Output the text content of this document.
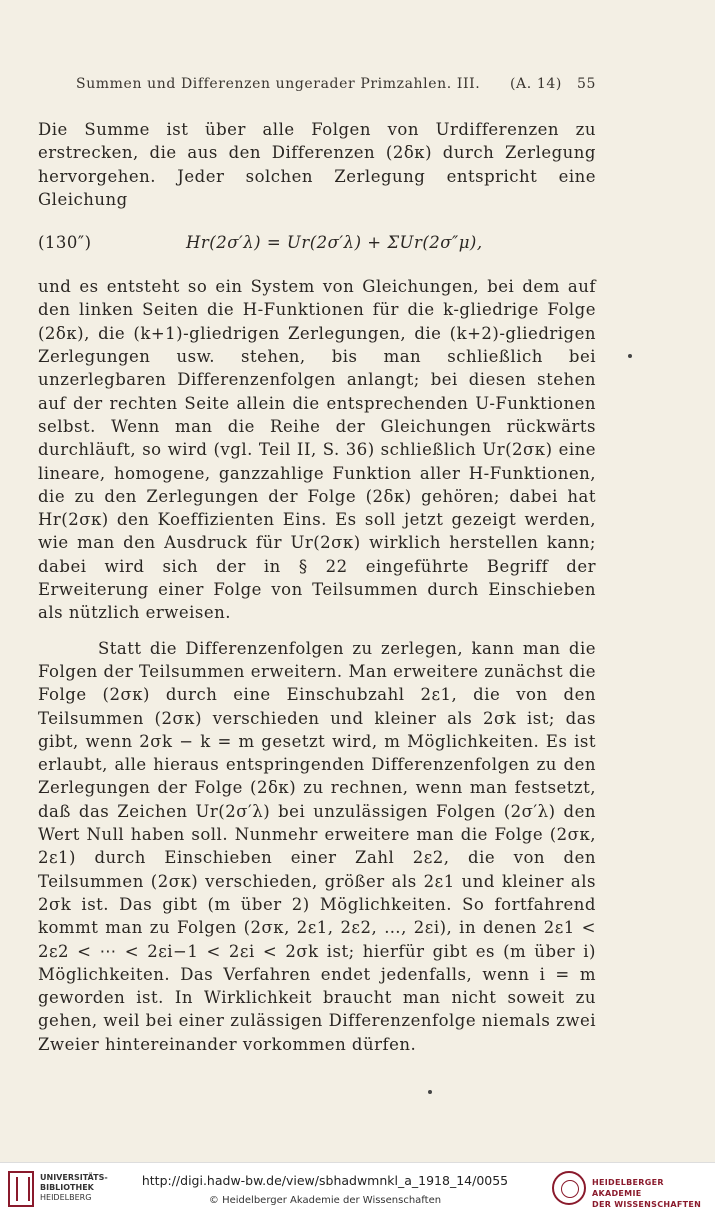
Summen und Differenzen ungerader Primzahlen. III.	(A. 14) 55

Die Summe ist über alle Folgen von Urdifferenzen zu erstrecken, die aus den Differenzen (2δκ) durch Zerlegung hervorgehen. Jeder solchen Zerlegung entspricht eine Gleichung

(130″)	Hr(2σ′λ) = Ur(2σ′λ) + ΣUr(2σ″μ),

und es entsteht so ein System von Gleichungen, bei dem auf den linken Seiten die H-Funktionen für die k-gliedrige Folge (2δκ), die (k+1)-gliedrigen Zerlegungen, die (k+2)-gliedrigen Zerlegungen usw. stehen, bis man schließlich bei unzerlegbaren Differenzenfolgen anlangt; bei diesen stehen auf der rechten Seite allein die entsprechenden U-Funktionen selbst. Wenn man die Reihe der Gleichungen rückwärts durchläuft, so wird (vgl. Teil II, S. 36) schließlich Ur(2σκ) eine lineare, homogene, ganzzahlige Funktion aller H-Funktionen, die zu den Zerlegungen der Folge (2δκ) gehören; dabei hat Hr(2σκ) den Koeffizienten Eins. Es soll jetzt gezeigt werden, wie man den Ausdruck für Ur(2σκ) wirklich herstellen kann; dabei wird sich der in § 22 eingeführte Begriff der Erweiterung einer Folge von Teilsummen durch Einschieben als nützlich erweisen.

Statt die Differenzenfolgen zu zerlegen, kann man die Folgen der Teilsummen erweitern. Man erweitere zunächst die Folge (2σκ) durch eine Einschubzahl 2ε1, die von den Teilsummen (2σκ) verschieden und kleiner als 2σk ist; das gibt, wenn 2σk − k = m gesetzt wird, m Möglichkeiten. Es ist erlaubt, alle hieraus entspringenden Differenzenfolgen zu den Zerlegungen der Folge (2δκ) zu rechnen, wenn man festsetzt, daß das Zeichen Ur(2σ′λ) bei unzulässigen Folgen (2σ′λ) den Wert Null haben soll. Nunmehr erweitere man die Folge (2σκ, 2ε1) durch Einschieben einer Zahl 2ε2, die von den Teilsummen (2σκ) verschieden, größer als 2ε1 und kleiner als 2σk ist. Das gibt (m über 2) Möglichkeiten. So fortfahrend kommt man zu Folgen (2σκ, 2ε1, 2ε2, …, 2εi), in denen 2ε1 < 2ε2 < ⋯ < 2εi−1 < 2εi < 2σk ist; hierfür gibt es (m über i) Möglichkeiten. Das Verfahren endet jedenfalls, wenn i = m geworden ist. In Wirklichkeit braucht man nicht soweit zu gehen, weil bei einer zulässigen Differenzenfolge niemals zwei Zweier hintereinander vorkommen dürfen.

UNIVERSITÄTS-BIBLIOTHEK
HEIDELBERG
http://digi.hadw-bw.de/view/sbhadwmnkl_a_1918_14/0055
© Heidelberger Akademie der Wissenschaften
HEIDELBERGER AKADEMIE
DER WISSENSCHAFTEN
